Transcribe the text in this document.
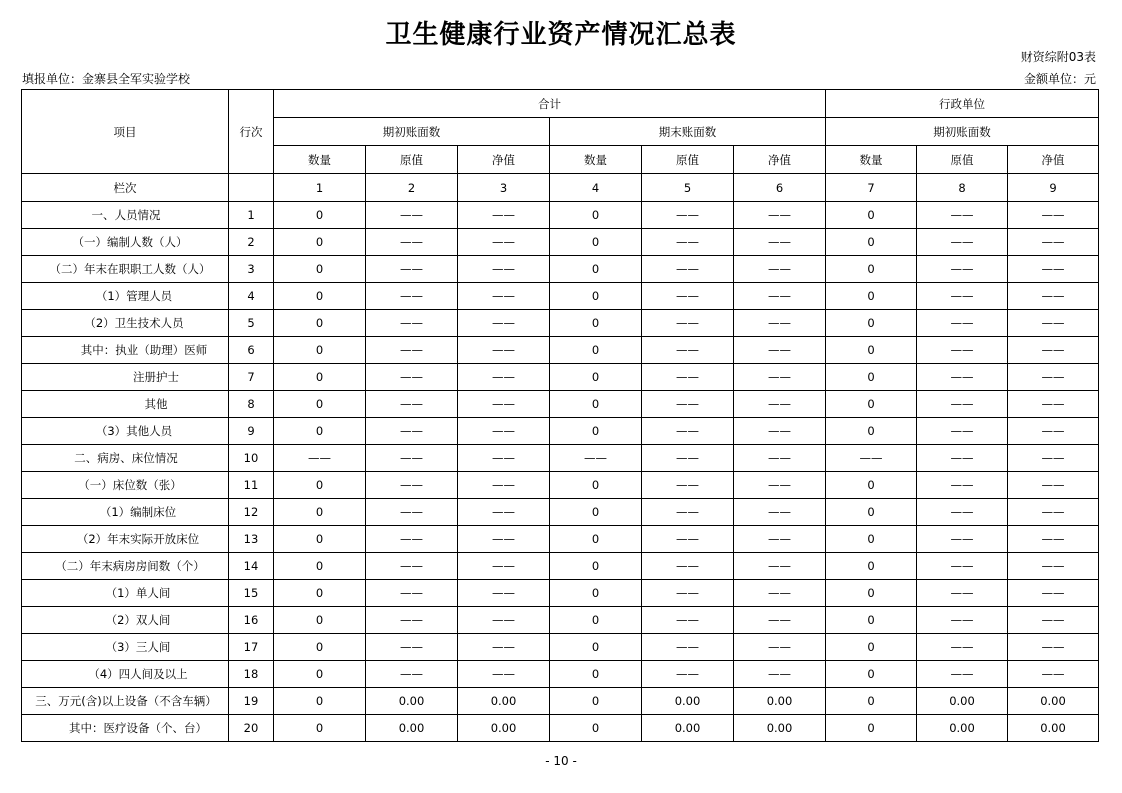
卫生健康行业资产情况汇总表
财资综附03表
填报单位：金寨县全军实验学校	金额单位：元
项目	行次	合计						行政单位		
		期初账面数			期末账面数			期初账面数		
		数量	原值	净值	数量	原值	净值	数量	原值	净值
栏次		1	2	3	4	5	6	7	8	9
一、人员情况	1	0	——	——	0	——	——	0	——	——
（一）编制人数（人）	2	0	——	——	0	——	——	0	——	——
（二）年末在职职工人数（人）	3	0	——	——	0	——	——	0	——	——
（1）管理人员	4	0	——	——	0	——	——	0	——	——
（2）卫生技术人员	5	0	——	——	0	——	——	0	——	——
其中：执业（助理）医师	6	0	——	——	0	——	——	0	——	——
注册护士	7	0	——	——	0	——	——	0	——	——
其他	8	0	——	——	0	——	——	0	——	——
（3）其他人员	9	0	——	——	0	——	——	0	——	——
二、病房、床位情况	10	——	——	——	——	——	——	——	——	——
（一）床位数（张）	11	0	——	——	0	——	——	0	——	——
（1）编制床位	12	0	——	——	0	——	——	0	——	——
（2）年末实际开放床位	13	0	——	——	0	——	——	0	——	——
（二）年末病房房间数（个）	14	0	——	——	0	——	——	0	——	——
（1）单人间	15	0	——	——	0	——	——	0	——	——
（2）双人间	16	0	——	——	0	——	——	0	——	——
（3）三人间	17	0	——	——	0	——	——	0	——	——
（4）四人间及以上	18	0	——	——	0	——	——	0	——	——
三、万元(含)以上设备（不含车辆）	19	0	0.00	0.00	0	0.00	0.00	0	0.00	0.00
其中：医疗设备（个、台）	20	0	0.00	0.00	0	0.00	0.00	0	0.00	0.00
- 10 -
